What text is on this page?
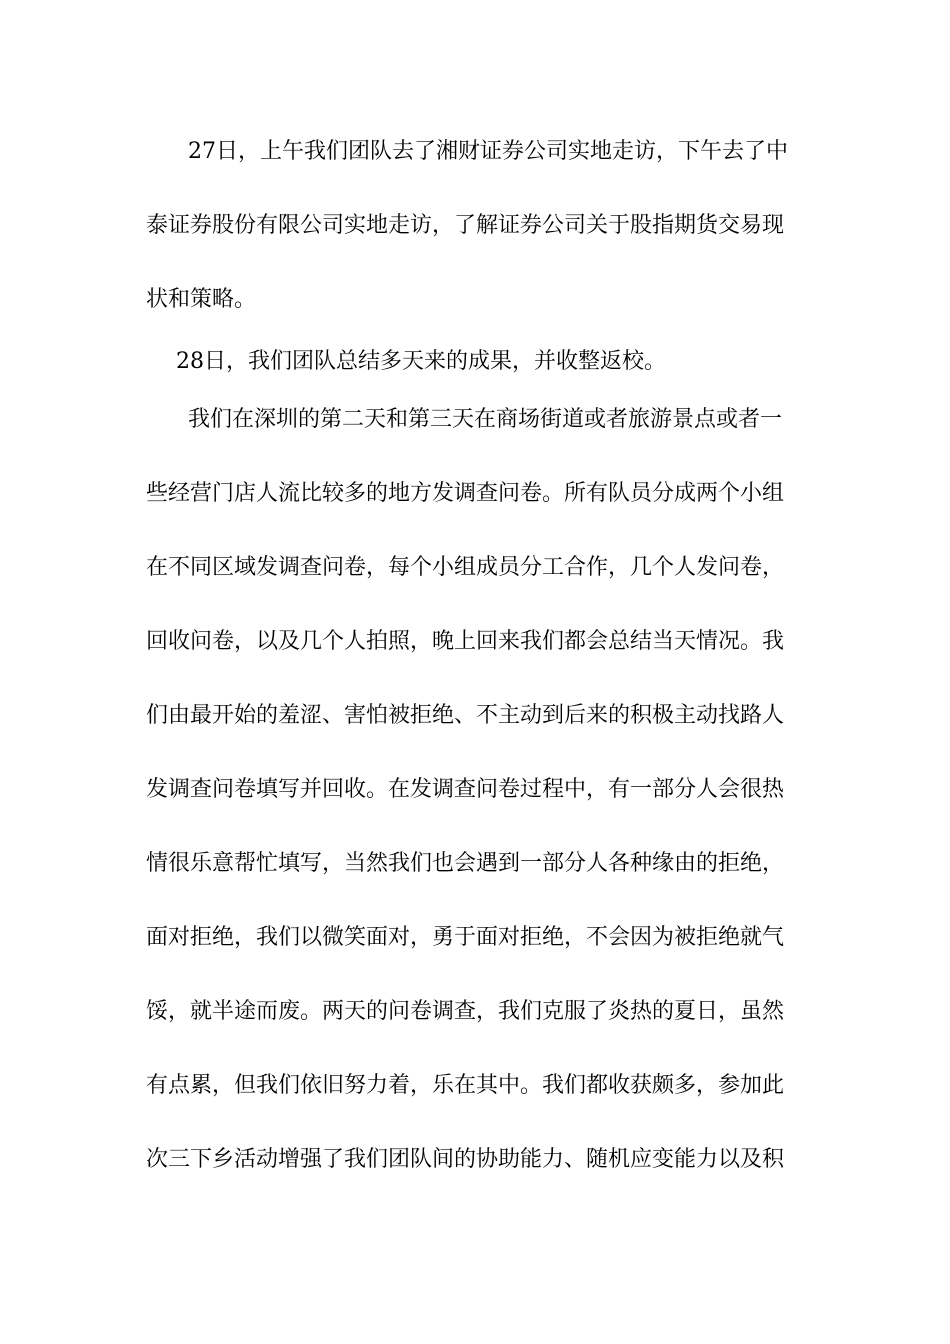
27日，上午我们团队去了湘财证券公司实地走访，下午去了中
泰证券股份有限公司实地走访，了解证券公司关于股指期货交易现
状和策略。
28日，我们团队总结多天来的成果，并收整返校。
我们在深圳的第二天和第三天在商场街道或者旅游景点或者一
些经营门店人流比较多的地方发调查问卷。所有队员分成两个小组
在不同区域发调查问卷，每个小组成员分工合作，几个人发问卷，
回收问卷，以及几个人拍照，晚上回来我们都会总结当天情况。我
们由最开始的羞涩、害怕被拒绝、不主动到后来的积极主动找路人
发调查问卷填写并回收。在发调查问卷过程中，有一部分人会很热
情很乐意帮忙填写，当然我们也会遇到一部分人各种缘由的拒绝，
面对拒绝，我们以微笑面对，勇于面对拒绝，不会因为被拒绝就气
馁，就半途而废。两天的问卷调查，我们克服了炎热的夏日，虽然
有点累，但我们依旧努力着，乐在其中。我们都收获颇多，参加此
次三下乡活动增强了我们团队间的协助能力、随机应变能力以及积
